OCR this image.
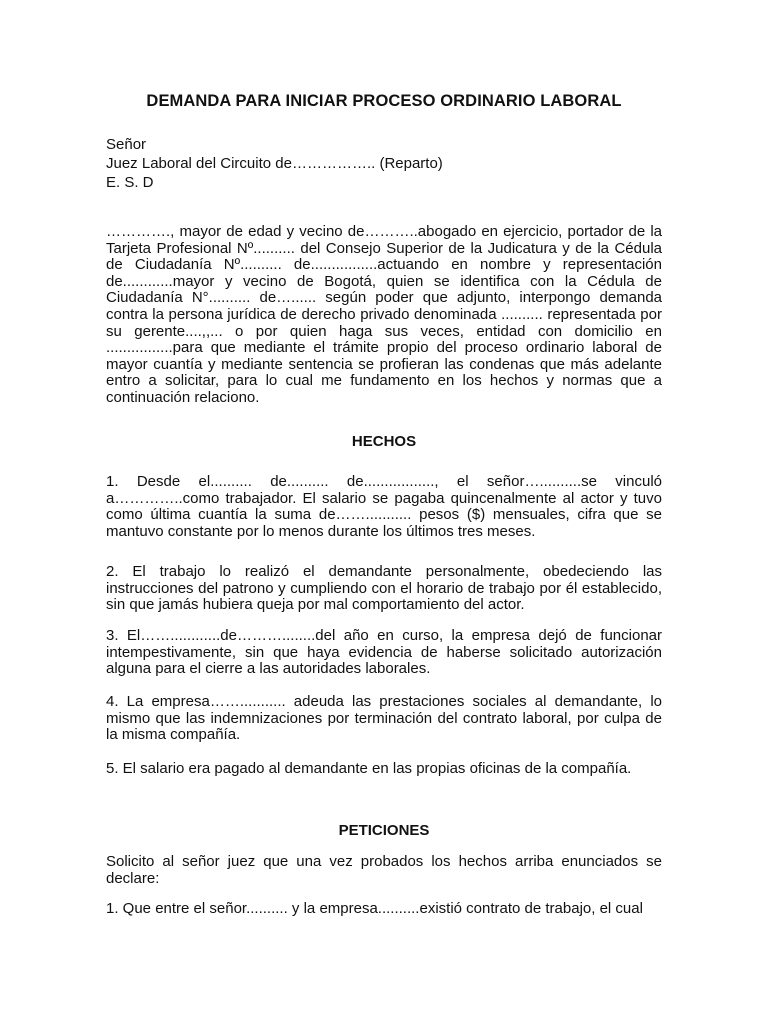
DEMANDA PARA INICIAR PROCESO ORDINARIO LABORAL
Señor
Juez Laboral del Circuito de…………….. (Reparto)
E. S. D

…………., mayor de edad y vecino de………..abogado en ejercicio, portador de la Tarjeta Profesional Nº.......... del Consejo Superior de la Judicatura y de la Cédula de Ciudadanía Nº.......... de................actuando en nombre y representación de............mayor y vecino de Bogotá, quien se identifica con la Cédula de Ciudadanía N°.......... de…...... según poder que adjunto, interpongo demanda contra la persona jurídica de derecho privado denominada .......... representada por su gerente....,,... o por quien haga sus veces, entidad con domicilio en ................para que mediante el trámite propio del proceso ordinario laboral de mayor cuantía y mediante sentencia se profieran las condenas que más adelante entro a solicitar, para lo cual me fundamento en los hechos y normas que a continuación relaciono.

HECHOS

1. Desde el.......... de.......... de................., el señor…..........se vinculó a…………..como trabajador. El salario se pagaba quincenalmente al actor y tuvo como última cuantía la suma de……........... pesos ($) mensuales, cifra que se mantuvo constante por lo menos durante los últimos tres meses.

2. El trabajo lo realizó el demandante personalmente, obedeciendo las instrucciones del patrono y cumpliendo con el horario de trabajo por él establecido, sin que jamás hubiera queja por mal comportamiento del actor.

3. El……............de………........del año en curso, la empresa dejó de funcionar intempestivamente, sin que haya evidencia de haberse solicitado autorización alguna para el cierre a las autoridades laborales.

4. La empresa……........... adeuda las prestaciones sociales al demandante, lo mismo que las indemnizaciones por terminación del contrato laboral, por culpa de la misma compañía.

5. El salario era pagado al demandante en las propias oficinas de la compañía.

PETICIONES

Solicito al señor juez que una vez probados los hechos arriba enunciados se declare:

1. Que entre el señor.......... y la empresa..........existió contrato de trabajo, el cual
